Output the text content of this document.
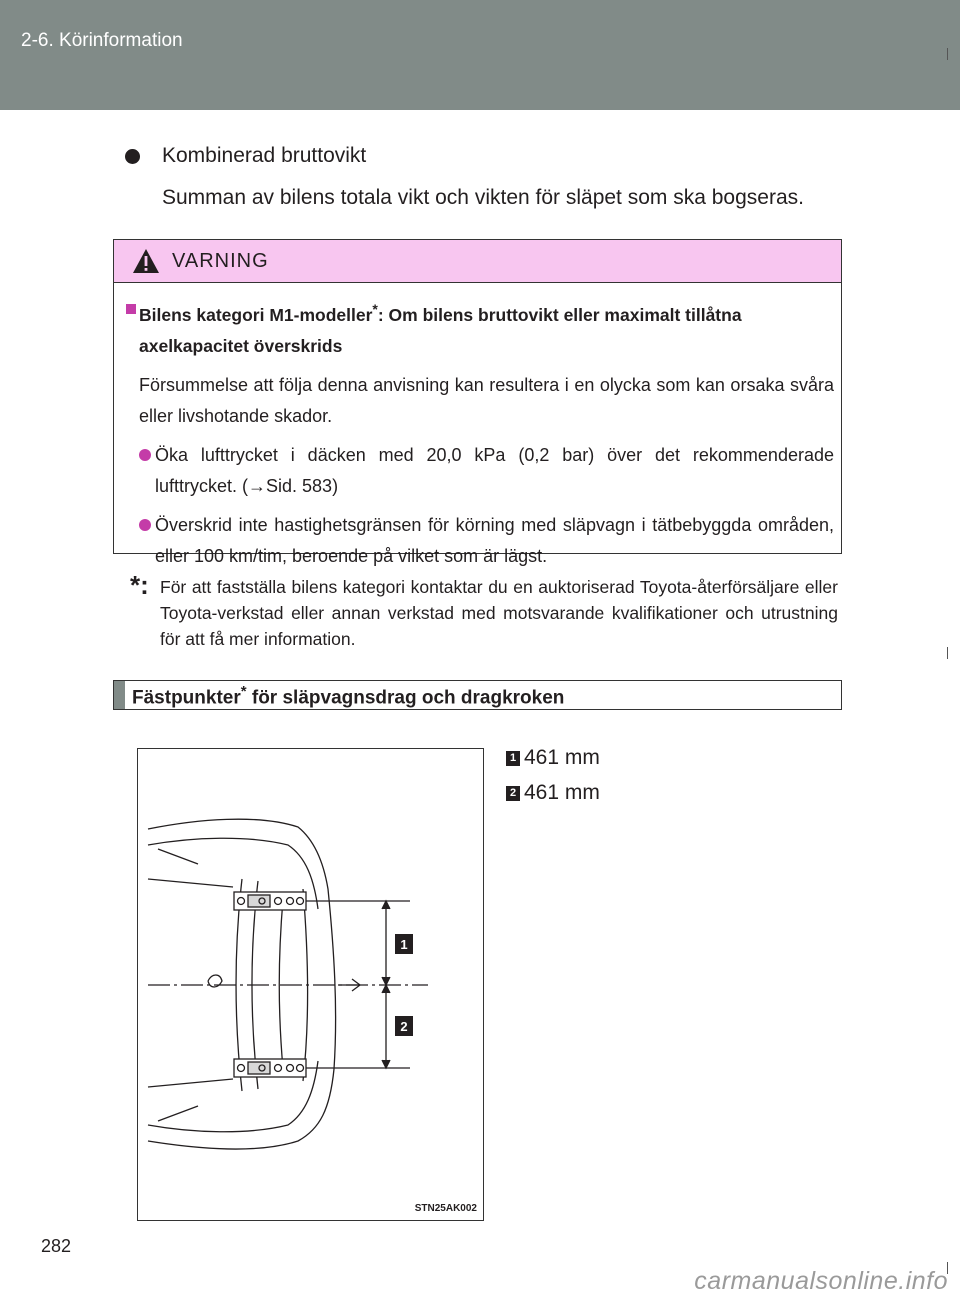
2-6. Körinformation
Kombinerad bruttovikt
Summan av bilens totala vikt och vikten för släpet som ska bogseras.
VARNING
Bilens kategori M1-modeller*: Om bilens bruttovikt eller maximalt tillåtna axelkapacitet överskrids
Försummelse att följa denna anvisning kan resultera i en olycka som kan orsaka svåra eller livshotande skador.
Öka lufttrycket i däcken med 20,0 kPa (0,2 bar) över det rekommenderade lufttrycket. (→Sid. 583)
Överskrid inte hastighetsgränsen för körning med släpvagn i tätbebyggda områden, eller 100 km/tim, beroende på vilket som är lägst.
*: För att fastställa bilens kategori kontaktar du en auktoriserad Toyota-återförsäljare eller Toyota-verkstad eller annan verkstad med motsvarande kvalifikationer och utrustning för att få mer information.
Fästpunkter* för släpvagnsdrag och dragkroken
1
2
STN25AK002
1 461 mm
2 461 mm
282
carmanualsonline.info
